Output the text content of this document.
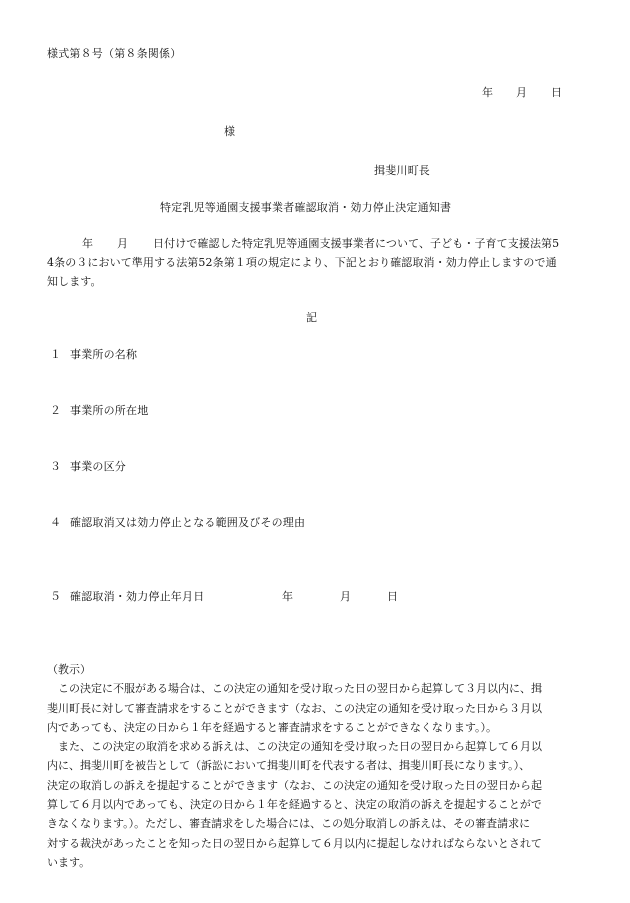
様式第８号（第８条関係）
年 月 日
様
揖斐川町長
特定乳児等通園支援事業者確認取消・効力停止決定通知書
年 月	日付けで確認した特定乳児等通園支援事業者について、子ども・子育て支援法第5
4条の３において準用する法第52条第１項の規定により、下記とおり確認取消・効力停止しますので通
知します。
記
１ 事業所の名称
２ 事業所の所在地
３ 事業の区分
４ 確認取消又は効力停止となる範囲及びその理由
５ 確認取消・効力停止年月日	年	月	日
（教示）
　この決定に不服がある場合は、この決定の通知を受け取った日の翌日から起算して３月以内に、揖
斐川町長に対して審査請求をすることができます（なお、この決定の通知を受け取った日から３月以
内であっても、決定の日から１年を経過すると審査請求をすることができなくなります。）。
　また、この決定の取消を求める訴えは、この決定の通知を受け取った日の翌日から起算して６月以
内に、揖斐川町を被告として（訴訟において揖斐川町を代表する者は、揖斐川町長になります。）、
決定の取消しの訴えを提起することができます（なお、この決定の通知を受け取った日の翌日から起
算して６月以内であっても、決定の日から１年を経過すると、決定の取消の訴えを提起することがで
きなくなります。）。ただし、審査請求をした場合には、この処分取消しの訴えは、その審査請求に
対する裁決があったことを知った日の翌日から起算して６月以内に提起しなければならないとされて
います。
